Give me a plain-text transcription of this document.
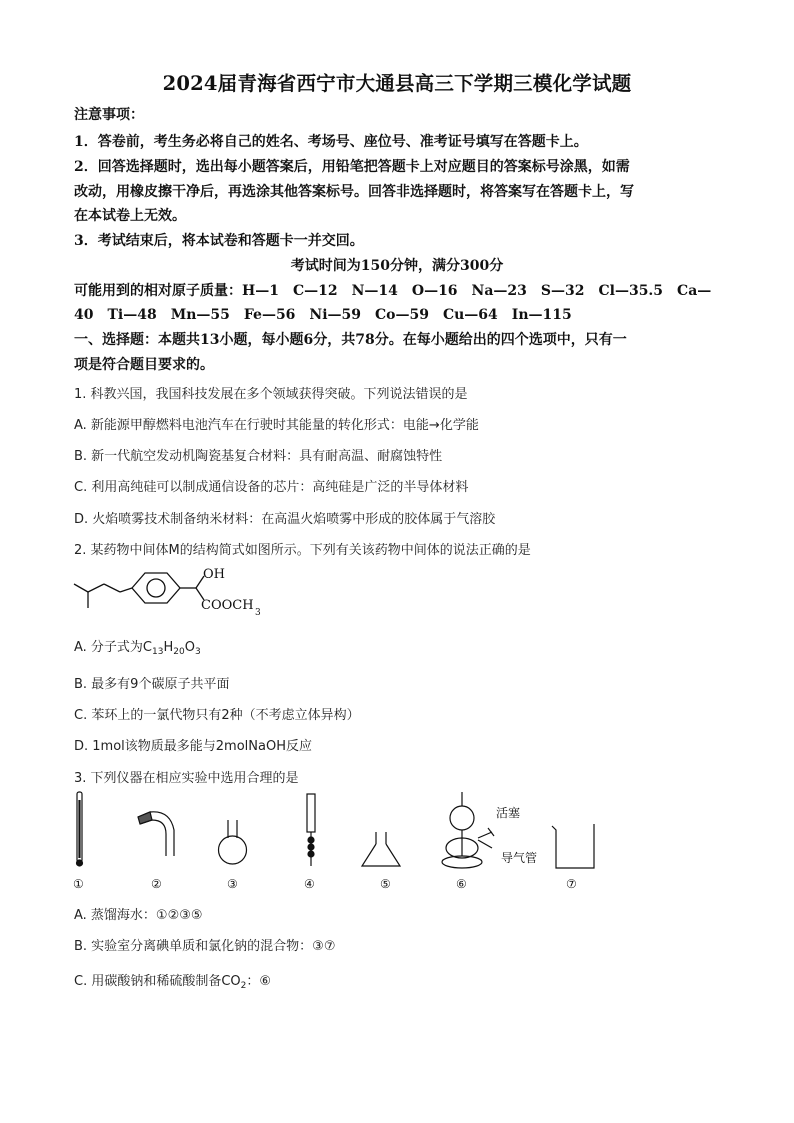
2024届青海省西宁市大通县高三下学期三模化学试题
注意事项：
1．答卷前，考生务必将自己的姓名、考场号、座位号、准考证号填写在答题卡上。
2．回答选择题时，选出每小题答案后，用铅笔把答题卡上对应题目的答案标号涂黑，如需
改动，用橡皮擦干净后，再选涂其他答案标号。回答非选择题时，将答案写在答题卡上，写
在本试卷上无效。
3．考试结束后，将本试卷和答题卡一并交回。
考试时间为150分钟，满分300分
可能用到的相对原子质量：H—1　C—12　N—14　O—16　Na—23　S—32　Cl—35.5　Ca—
40　Ti—48　Mn—55　Fe—56　Ni—59　Co—59　Cu—64　In—115
一、选择题：本题共13小题，每小题6分，共78分。在每小题给出的四个选项中，只有一
项是符合题目要求的。
1. 科教兴国，我国科技发展在多个领域获得突破。下列说法错误的是
A. 新能源甲醇燃料电池汽车在行驶时其能量的转化形式：电能→化学能
B. 新一代航空发动机陶瓷基复合材料：具有耐高温、耐腐蚀特性
C. 利用高纯硅可以制成通信设备的芯片：高纯硅是广泛的半导体材料
D. 火焰喷雾技术制备纳米材料：在高温火焰喷雾中形成的胶体属于气溶胶
2. 某药物中间体M的结构简式如图所示。下列有关该药物中间体的说法正确的是
OH
COOCH 3
A. 分子式为$C_{13}H_{20}O_3$
B. 最多有9个碳原子共平面
C. 苯环上的一氯代物只有2种（不考虑立体异构）
D. 1mol该物质最多能与2molNaOH反应
3. 下列仪器在相应实验中选用合理的是
活塞
导气管
①	②	③	④	⑤	⑥	⑦
A. 蒸馏海水：①②③⑤
B. 实验室分离碘单质和氯化钠的混合物：③⑦
C. 用碳酸钠和稀硫酸制备$CO_2$：⑥
